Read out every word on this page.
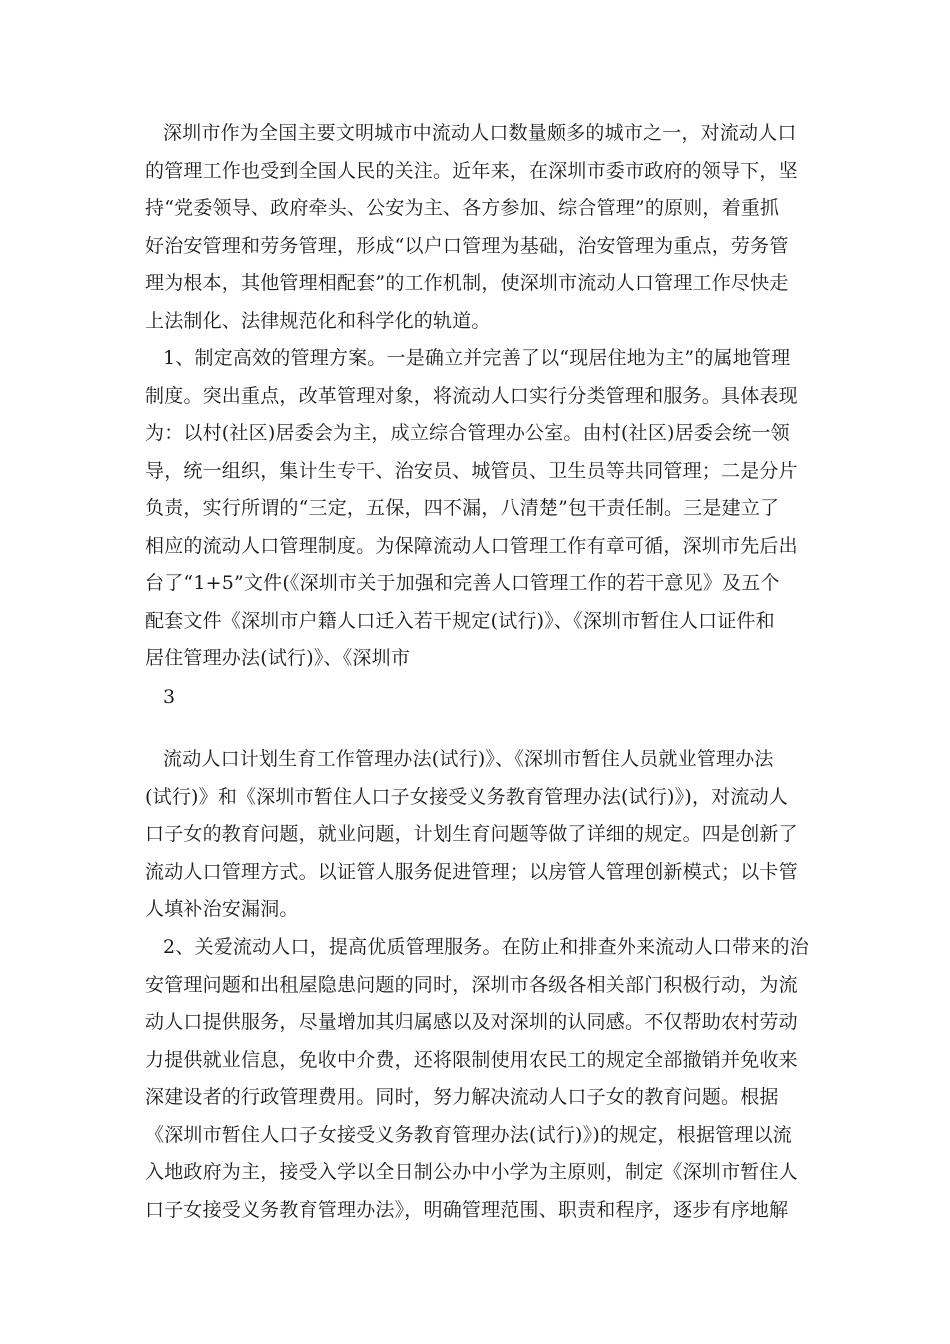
深圳市作为全国主要文明城市中流动人口数量颇多的城市之一，对流动人口
的管理工作也受到全国人民的关注。近年来，在深圳市委市政府的领导下，坚
持“党委领导、政府牵头、公安为主、各方参加、综合管理”的原则，着重抓
好治安管理和劳务管理，形成“以户口管理为基础，治安管理为重点，劳务管
理为根本，其他管理相配套”的工作机制，使深圳市流动人口管理工作尽快走
上法制化、法律规范化和科学化的轨道。
1、制定高效的管理方案。一是确立并完善了以“现居住地为主”的属地管理
制度。突出重点，改革管理对象，将流动人口实行分类管理和服务。具体表现
为：以村(社区)居委会为主，成立综合管理办公室。由村(社区)居委会统一领
导，统一组织，集计生专干、治安员、城管员、卫生员等共同管理；二是分片
负责，实行所谓的“三定，五保，四不漏，八清楚”包干责任制。三是建立了
相应的流动人口管理制度。为保障流动人口管理工作有章可循，深圳市先后出
台了“1+5”文件(《深圳市关于加强和完善人口管理工作的若干意见》及五个
配套文件《深圳市户籍人口迁入若干规定(试行)》、《深圳市暂住人口证件和
居住管理办法(试行)》、《深圳市
3
流动人口计划生育工作管理办法(试行)》、《深圳市暂住人员就业管理办法
(试行)》和《深圳市暂住人口子女接受义务教育管理办法(试行)》)，对流动人
口子女的教育问题，就业问题，计划生育问题等做了详细的规定。四是创新了
流动人口管理方式。以证管人服务促进管理；以房管人管理创新模式；以卡管
人填补治安漏洞。
2、关爱流动人口，提高优质管理服务。在防止和排查外来流动人口带来的治
安管理问题和出租屋隐患问题的同时，深圳市各级各相关部门积极行动，为流
动人口提供服务，尽量增加其归属感以及对深圳的认同感。不仅帮助农村劳动
力提供就业信息，免收中介费，还将限制使用农民工的规定全部撤销并免收来
深建设者的行政管理费用。同时，努力解决流动人口子女的教育问题。根据
《深圳市暂住人口子女接受义务教育管理办法(试行)》)的规定，根据管理以流
入地政府为主，接受入学以全日制公办中小学为主原则，制定《深圳市暂住人
口子女接受义务教育管理办法》，明确管理范围、职责和程序，逐步有序地解
